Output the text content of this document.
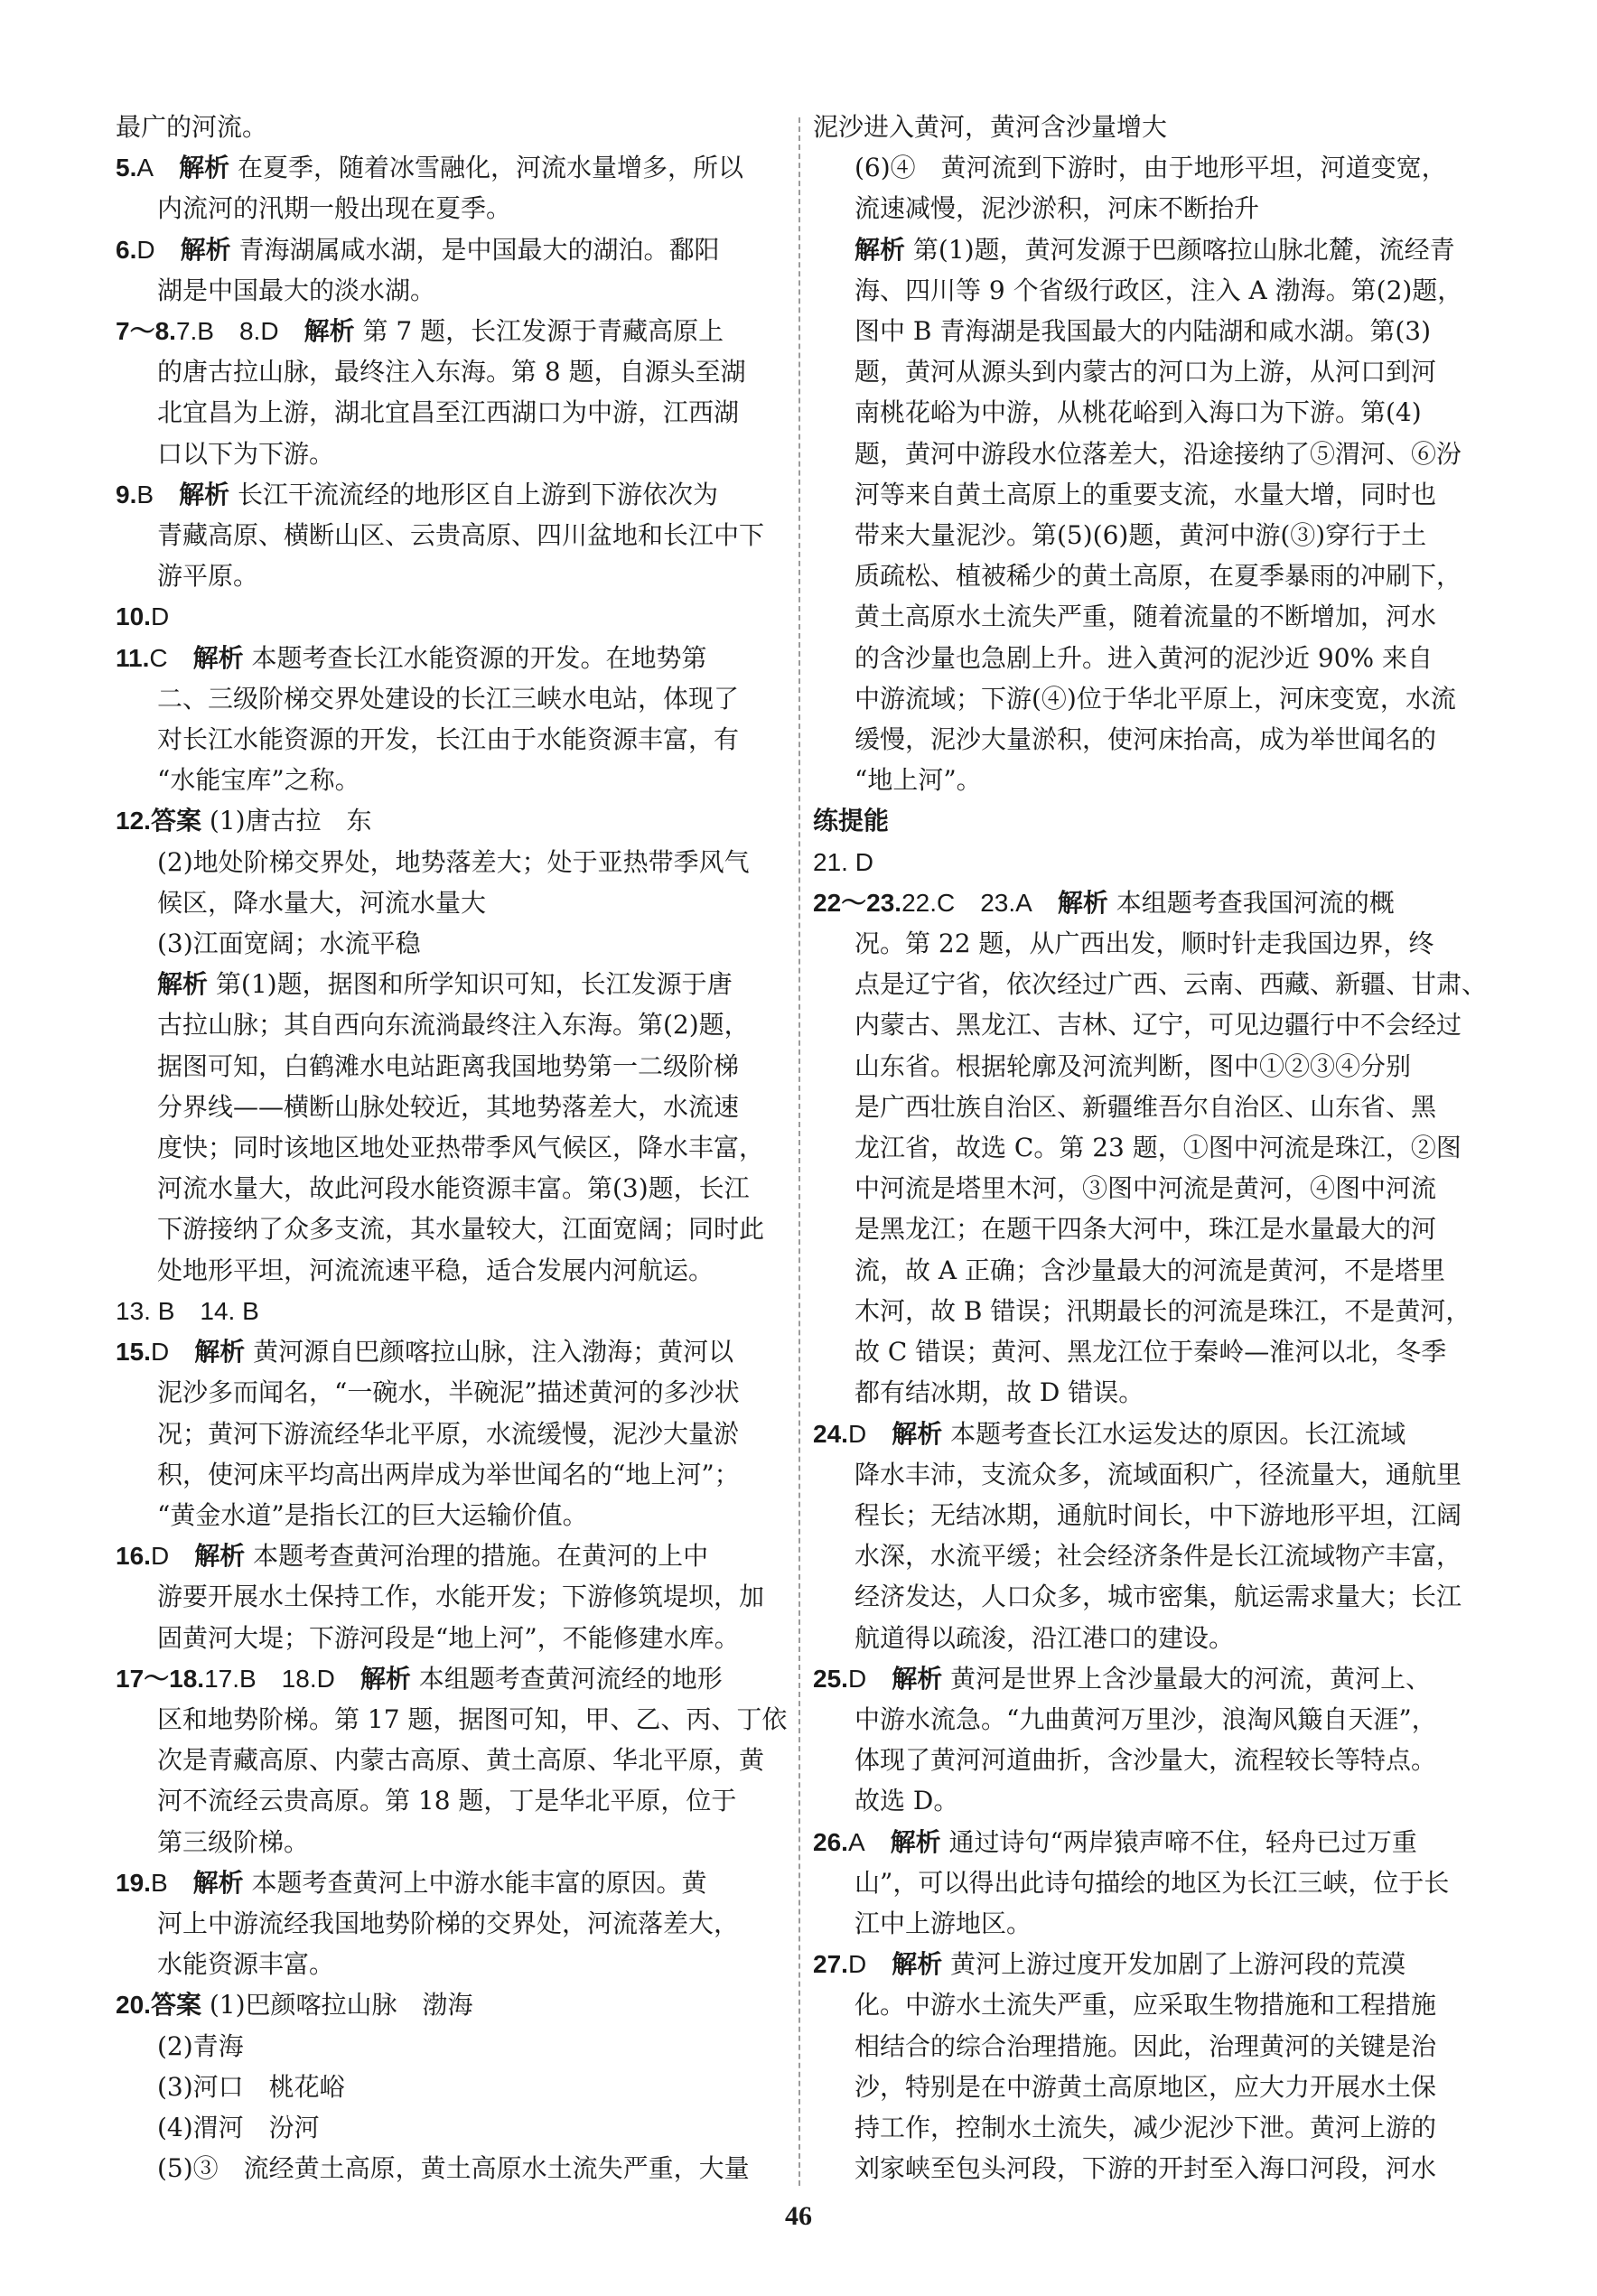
最广的河流。
5.A　 解析 在夏季，随着冰雪融化，河流水量增多，所以
内流河的汛期一般出现在夏季。
6.D　 解析 青海湖属咸水湖，是中国最大的湖泊。鄱阳
湖是中国最大的淡水湖。
7～8.7.B　8.D　 解析 第 7 题，长江发源于青藏高原上
的唐古拉山脉，最终注入东海。第 8 题，自源头至湖
北宜昌为上游，湖北宜昌至江西湖口为中游，江西湖
口以下为下游。
9.B　 解析 长江干流流经的地形区自上游到下游依次为
青藏高原、横断山区、云贵高原、四川盆地和长江中下
游平原。
10.D　
11.C　 解析 本题考查长江水能资源的开发。在地势第
二、三级阶梯交界处建设的长江三峡水电站，体现了
对长江水能资源的开发，长江由于水能资源丰富，有
“水能宝库”之称。
12.答案 (1)唐古拉　东
(2)地处阶梯交界处，地势落差大；处于亚热带季风气
候区，降水量大，河流水量大
(3)江面宽阔；水流平稳
解析 第(1)题，据图和所学知识可知，长江发源于唐
古拉山脉；其自西向东流淌最终注入东海。第(2)题，
据图可知，白鹤滩水电站距离我国地势第一二级阶梯
分界线——横断山脉处较近，其地势落差大，水流速
度快；同时该地区地处亚热带季风气候区，降水丰富，
河流水量大，故此河段水能资源丰富。第(3)题，长江
下游接纳了众多支流，其水量较大，江面宽阔；同时此
处地形平坦，河流流速平稳，适合发展内河航运。
13. B　14. B
15.D　 解析 黄河源自巴颜喀拉山脉，注入渤海；黄河以
泥沙多而闻名，“一碗水，半碗泥”描述黄河的多沙状
况；黄河下游流经华北平原，水流缓慢，泥沙大量淤
积，使河床平均高出两岸成为举世闻名的“地上河”；
“黄金水道”是指长江的巨大运输价值。
16.D　 解析 本题考查黄河治理的措施。在黄河的上中
游要开展水土保持工作，水能开发；下游修筑堤坝，加
固黄河大堤；下游河段是“地上河”，不能修建水库。
17～18.17.B　18.D　 解析 本组题考查黄河流经的地形
区和地势阶梯。第 17 题，据图可知，甲、乙、丙、丁依
次是青藏高原、内蒙古高原、黄土高原、华北平原，黄
河不流经云贵高原。第 18 题，丁是华北平原，位于
第三级阶梯。
19.B　 解析 本题考查黄河上中游水能丰富的原因。黄
河上中游流经我国地势阶梯的交界处，河流落差大，
水能资源丰富。
20.答案 (1)巴颜喀拉山脉　渤海
(2)青海
(3)河口　桃花峪
(4)渭河　汾河
(5)③　流经黄土高原，黄土高原水土流失严重，大量
泥沙进入黄河，黄河含沙量增大
(6)④　黄河流到下游时，由于地形平坦，河道变宽，
流速减慢，泥沙淤积，河床不断抬升
解析 第(1)题，黄河发源于巴颜喀拉山脉北麓，流经青
海、四川等 9 个省级行政区，注入 A 渤海。第(2)题，
图中 B 青海湖是我国最大的内陆湖和咸水湖。第(3)
题，黄河从源头到内蒙古的河口为上游，从河口到河
南桃花峪为中游，从桃花峪到入海口为下游。第(4)
题，黄河中游段水位落差大，沿途接纳了⑤渭河、⑥汾
河等来自黄土高原上的重要支流，水量大增，同时也
带来大量泥沙。第(5)(6)题，黄河中游(③)穿行于土
质疏松、植被稀少的黄土高原，在夏季暴雨的冲刷下，
黄土高原水土流失严重，随着流量的不断增加，河水
的含沙量也急剧上升。进入黄河的泥沙近 90% 来自
中游流域；下游(④)位于华北平原上，河床变宽，水流
缓慢，泥沙大量淤积，使河床抬高，成为举世闻名的
“地上河”。
练提能
21. D
22～23.22.C　23.A　 解析 本组题考查我国河流的概
况。第 22 题，从广西出发，顺时针走我国边界，终
点是辽宁省，依次经过广西、云南、西藏、新疆、甘肃、
内蒙古、黑龙江、吉林、辽宁，可见边疆行中不会经过
山东省。根据轮廓及河流判断，图中①②③④分别
是广西壮族自治区、新疆维吾尔自治区、山东省、黑
龙江省，故选 C。第 23 题，①图中河流是珠江，②图
中河流是塔里木河，③图中河流是黄河，④图中河流
是黑龙江；在题干四条大河中，珠江是水量最大的河
流，故 A 正确；含沙量最大的河流是黄河，不是塔里
木河，故 B 错误；汛期最长的河流是珠江，不是黄河，
故 C 错误；黄河、黑龙江位于秦岭—淮河以北，冬季
都有结冰期，故 D 错误。
24.D　 解析 本题考查长江水运发达的原因。长江流域
降水丰沛，支流众多，流域面积广，径流量大，通航里
程长；无结冰期，通航时间长，中下游地形平坦，江阔
水深，水流平缓；社会经济条件是长江流域物产丰富，
经济发达，人口众多，城市密集，航运需求量大；长江
航道得以疏浚，沿江港口的建设。
25.D　 解析 黄河是世界上含沙量最大的河流，黄河上、
中游水流急。“九曲黄河万里沙，浪淘风簸自天涯”，
体现了黄河河道曲折，含沙量大，流程较长等特点。
故选 D。
26.A　 解析 通过诗句“两岸猿声啼不住，轻舟已过万重
山”，可以得出此诗句描绘的地区为长江三峡，位于长
江中上游地区。
27.D　 解析 黄河上游过度开发加剧了上游河段的荒漠
化。中游水土流失严重，应采取生物措施和工程措施
相结合的综合治理措施。因此，治理黄河的关键是治
沙，特别是在中游黄土高原地区，应大力开展水土保
持工作，控制水土流失，减少泥沙下泄。黄河上游的
刘家峡至包头河段，下游的开封至入海口河段，河水
46
